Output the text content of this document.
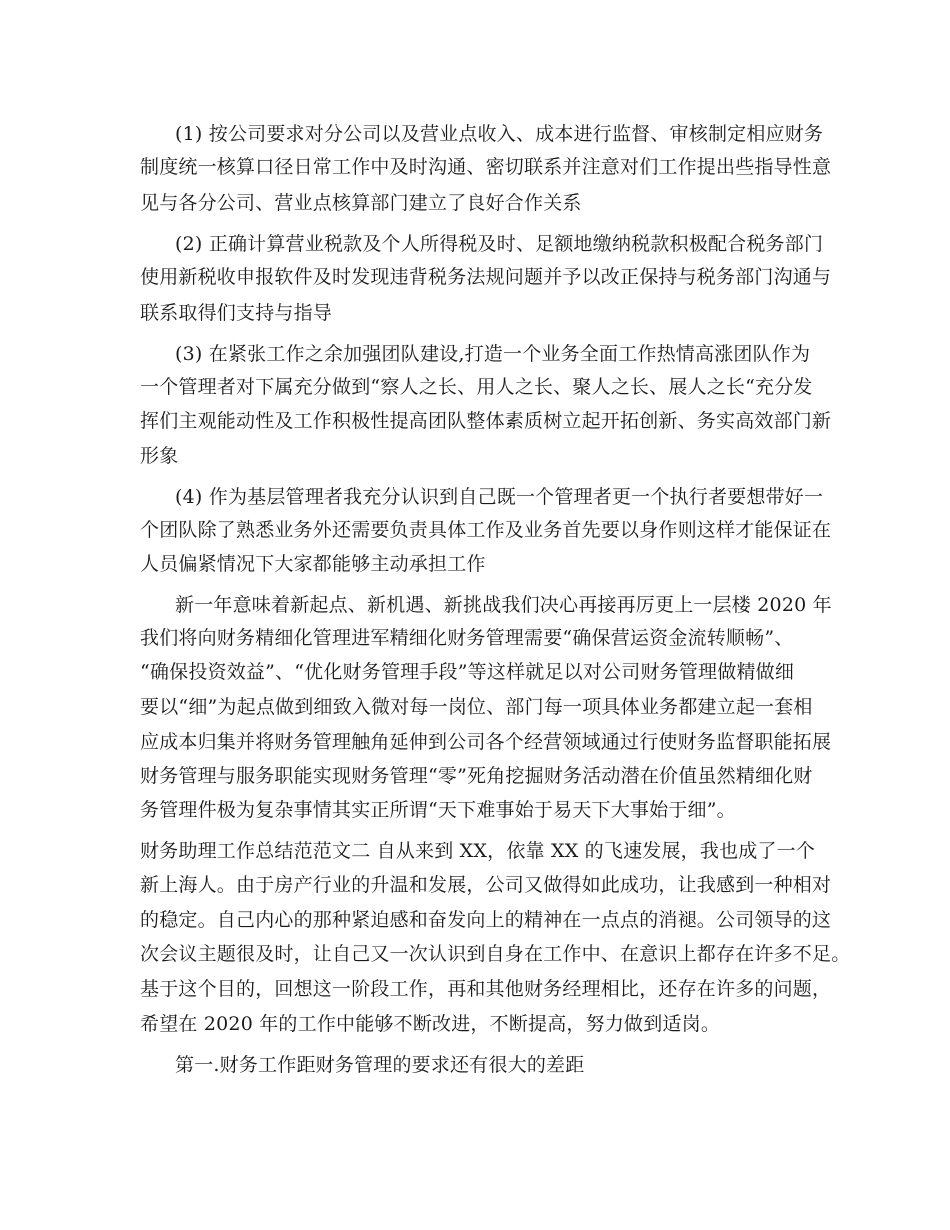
(1) 按公司要求对分公司以及营业点收入、成本进行监督、审核制定相应财务
制度统一核算口径日常工作中及时沟通、密切联系并注意对们工作提出些指导性意
见与各分公司、营业点核算部门建立了良好合作关系
(2) 正确计算营业税款及个人所得税及时、足额地缴纳税款积极配合税务部门
使用新税收申报软件及时发现违背税务法规问题并予以改正保持与税务部门沟通与
联系取得们支持与指导
(3) 在紧张工作之余加强团队建设,打造一个业务全面工作热情高涨团队作为
一个管理者对下属充分做到“察人之长、用人之长、聚人之长、展人之长“充分发
挥们主观能动性及工作积极性提高团队整体素质树立起开拓创新、务实高效部门新
形象
(4) 作为基层管理者我充分认识到自己既一个管理者更一个执行者要想带好一
个团队除了熟悉业务外还需要负责具体工作及业务首先要以身作则这样才能保证在
人员偏紧情况下大家都能够主动承担工作
新一年意味着新起点、新机遇、新挑战我们决心再接再厉更上一层楼 2020 年
我们将向财务精细化管理进军精细化财务管理需要“确保营运资金流转顺畅”、
“确保投资效益”、“优化财务管理手段”等这样就足以对公司财务管理做精做细
要以“细”为起点做到细致入微对每一岗位、部门每一项具体业务都建立起一套相
应成本归集并将财务管理触角延伸到公司各个经营领域通过行使财务监督职能拓展
财务管理与服务职能实现财务管理“零”死角挖掘财务活动潜在价值虽然精细化财
务管理件极为复杂事情其实正所谓“天下难事始于易天下大事始于细”。
财务助理工作总结范范文二 自从来到 XX，依靠 XX 的飞速发展，我也成了一个
新上海人。由于房产行业的升温和发展，公司又做得如此成功，让我感到一种相对
的稳定。自己内心的那种紧迫感和奋发向上的精神在一点点的消褪。公司领导的这
次会议主题很及时，让自己又一次认识到自身在工作中、在意识上都存在许多不足。
基于这个目的，回想这一阶段工作，再和其他财务经理相比，还存在许多的问题，
希望在 2020 年的工作中能够不断改进，不断提高，努力做到适岗。
第一.财务工作距财务管理的要求还有很大的差距
